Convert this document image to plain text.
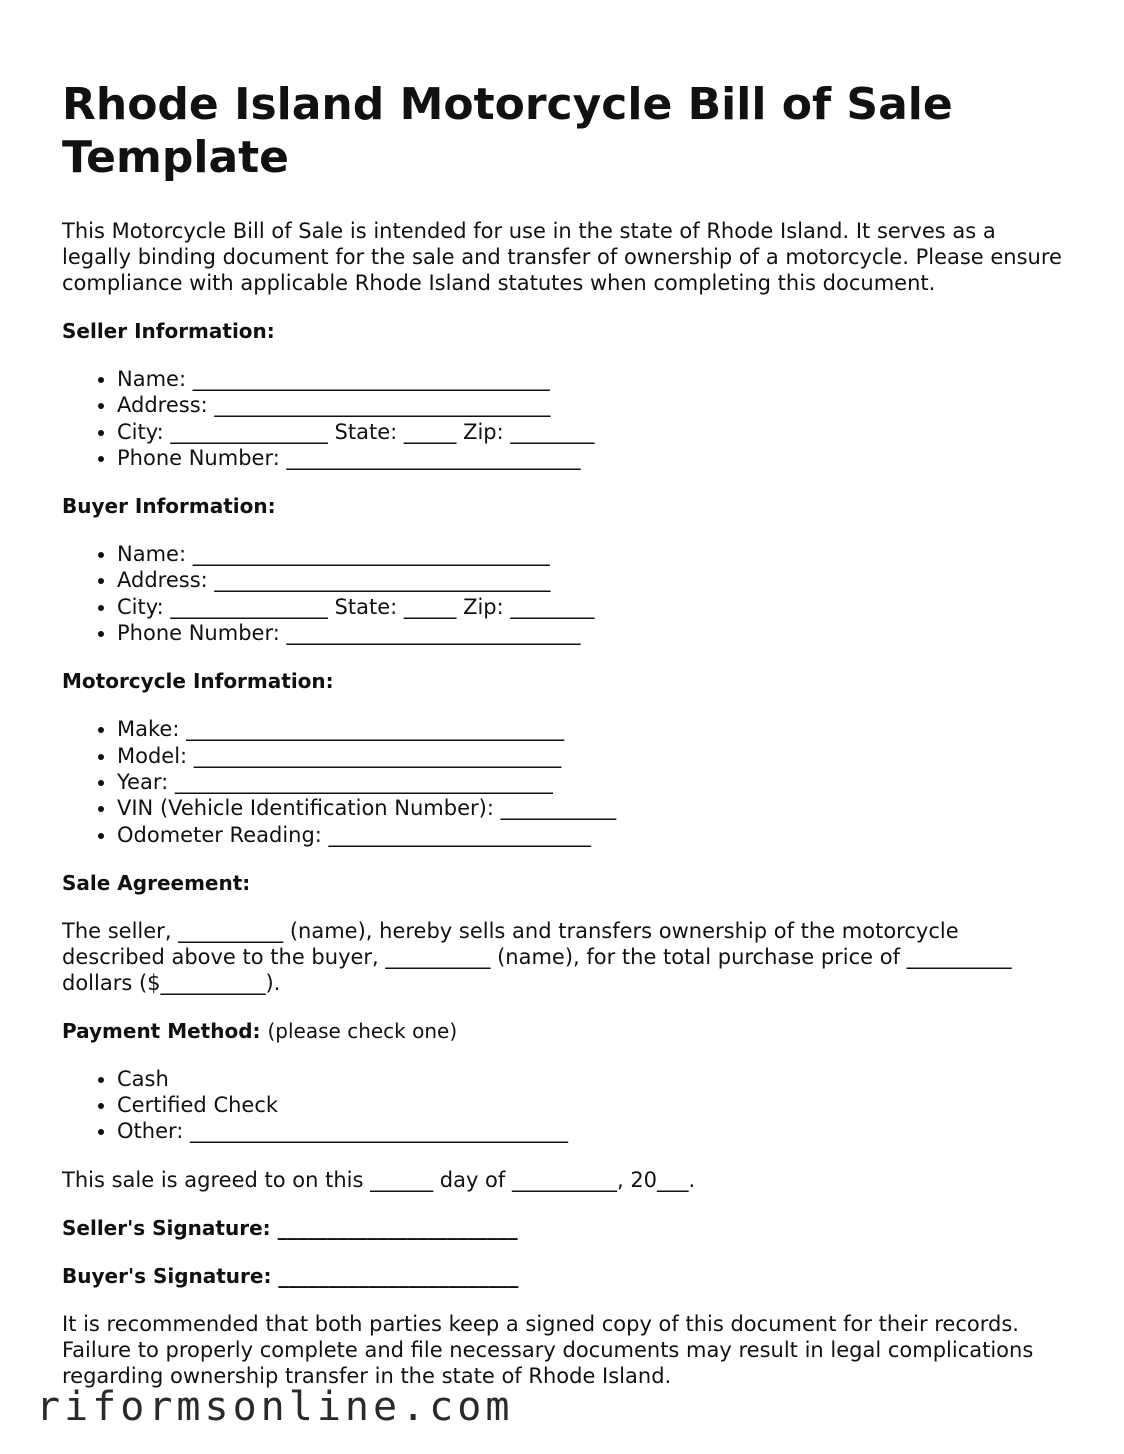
Rhode Island Motorcycle Bill of Sale Template

This Motorcycle Bill of Sale is intended for use in the state of Rhode Island. It serves as a legally binding document for the sale and transfer of ownership of a motorcycle. Please ensure compliance with applicable Rhode Island statutes when completing this document.

Seller Information:
• Name: __________________________________
• Address: ________________________________
• City: _______________ State: _____ Zip: ________
• Phone Number: ____________________________
Buyer Information:
• Name: __________________________________
• Address: ________________________________
• City: _______________ State: _____ Zip: ________
• Phone Number: ____________________________
Motorcycle Information:
• Make: ____________________________________
• Model: ___________________________________
• Year: ____________________________________
• VIN (Vehicle Identification Number): ___________
• Odometer Reading: _________________________
Sale Agreement:

The seller, __________ (name), hereby sells and transfers ownership of the motorcycle described above to the buyer, __________ (name), for the total purchase price of __________ dollars ($__________).

Payment Method: (please check one)
• Cash
• Certified Check
• Other: ____________________________________

This sale is agreed to on this ______ day of __________, 20___.

Seller's Signature: ________________________
Buyer's Signature: ________________________

It is recommended that both parties keep a signed copy of this document for their records. Failure to properly complete and file necessary documents may result in legal complications regarding ownership transfer in the state of Rhode Island.

riformsonline.com
